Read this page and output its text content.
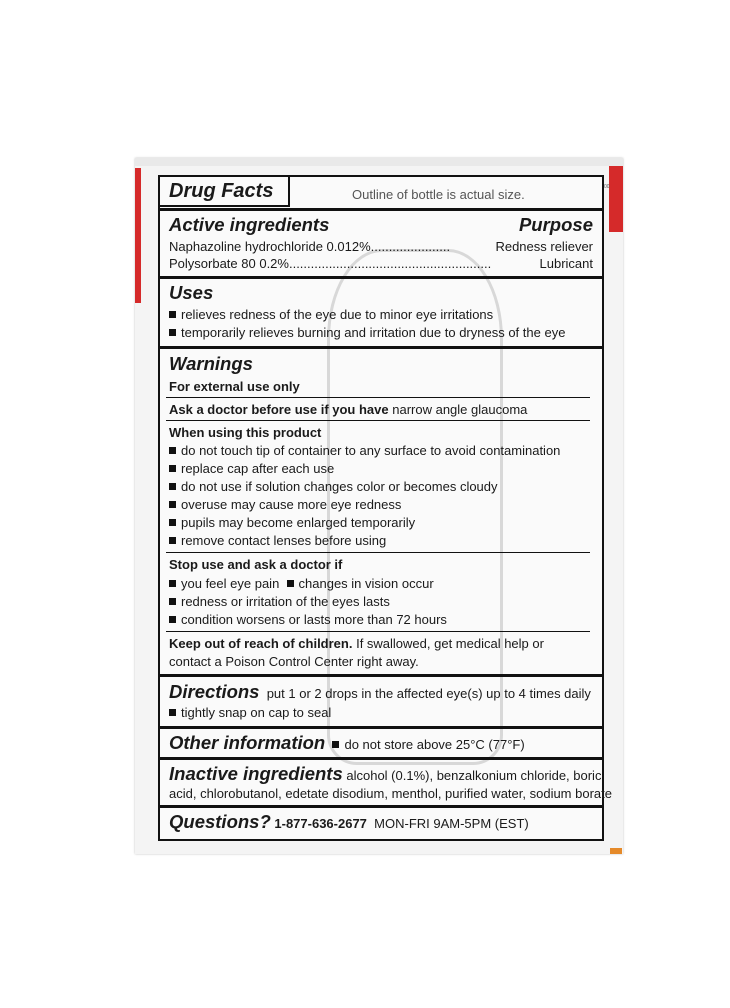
00
Drug Facts	Outline of bottle is actual size.
Active ingredients	Purpose
Naphazoline hydrochloride 0.012%......................	Redness reliever
Polysorbate 80 0.2%........................................................	Lubricant
Uses
relieves redness of the eye due to minor eye irritations
temporarily relieves burning and irritation due to dryness of the eye
Warnings
For external use only
Ask a doctor before use if you have narrow angle glaucoma
When using this product
do not touch tip of container to any surface to avoid contamination
replace cap after each use
do not use if solution changes color or becomes cloudy
overuse may cause more eye redness
pupils may become enlarged temporarily
remove contact lenses before using
Stop use and ask a doctor if
you feel eye pain changes in vision occur
redness or irritation of the eyes lasts
condition worsens or lasts more than 72 hours
Keep out of reach of children. If swallowed, get medical help or
contact a Poison Control Center right away.
Directions put 1 or 2 drops in the affected eye(s) up to 4 times daily
tightly snap on cap to seal
Other information do not store above 25°C (77°F)
Inactive ingredients alcohol (0.1%), benzalkonium chloride, boric
acid, chlorobutanol, edetate disodium, menthol, purified water, sodium borate
Questions? 1-877-636-2677 MON-FRI 9AM-5PM (EST)
